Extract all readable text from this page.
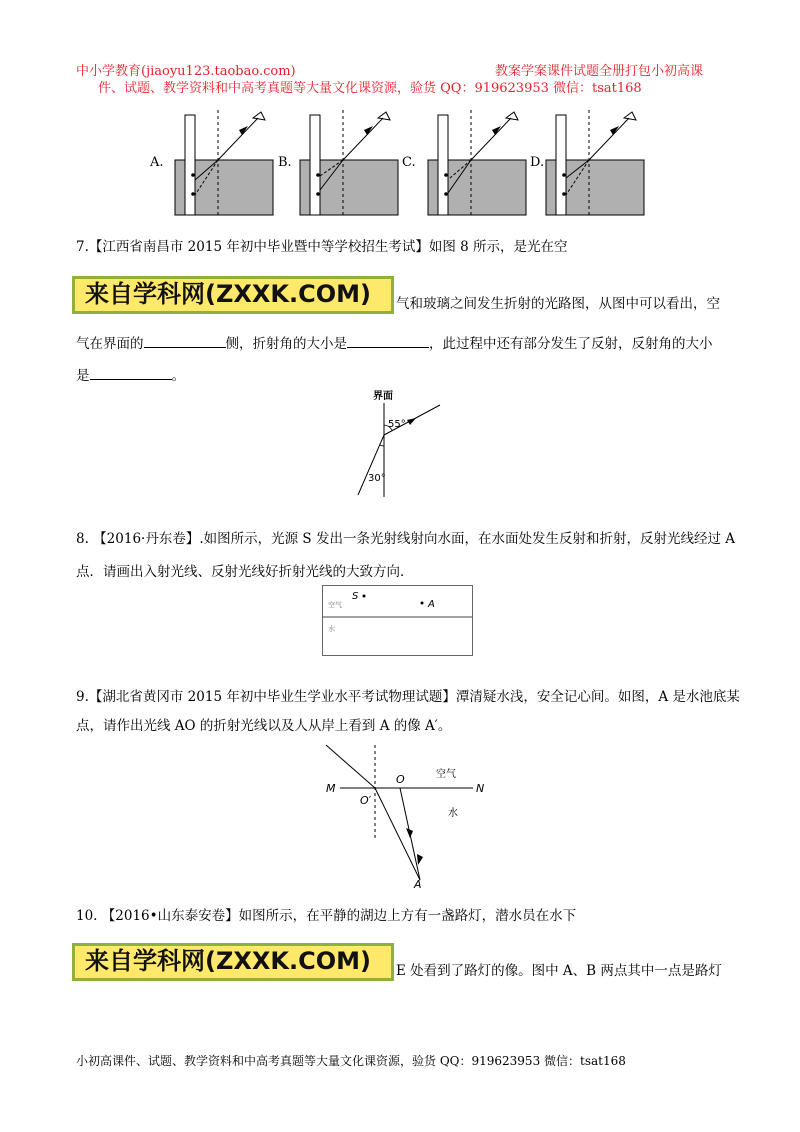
中小学教育(jiaoyu123.taobao.com)	教案学案课件试题全册打包小初高课
件、试题、教学资料和中高考真题等大量文化课资源，验货 QQ：919623953 微信：tsat168
A.	B.	C.	D.
7.【江西省南昌市 2015 年初中毕业暨中等学校招生考试】如图 8 所示，是光在空
来自学科网(ZXXK.COM)	气和玻璃之间发生折射的光路图，从图中可以看出，空
气在界面的	侧，折射角的大小是	，此过程中还有部分发生了反射，反射角的大小
是	。
界面
55°
30°
8. 【2016·丹东卷】.如图所示，光源 S 发出一条光射线射向水面，在水面处发生反射和折射，反射光线经过 A
点．请画出入射光线、反射光线好折射光线的大致方向．
空气
S
A
水
9.【湖北省黄冈市 2015 年初中毕业生学业水平考试物理试题】潭清疑水浅，安全记心间。如图，A 是水池底某
点，请作出光线 AO 的折射光线以及人从岸上看到 A 的像 A′。
M	N
O
O′
A
空气
水
10. 【2016•山东泰安卷】如图所示，在平静的湖边上方有一盏路灯，潜水员在水下
来自学科网(ZXXK.COM)	E 处看到了路灯的像。图中 A、B 两点其中一点是路灯
小初高课件、试题、教学资料和中高考真题等大量文化课资源，验货 QQ：919623953 微信：tsat168
